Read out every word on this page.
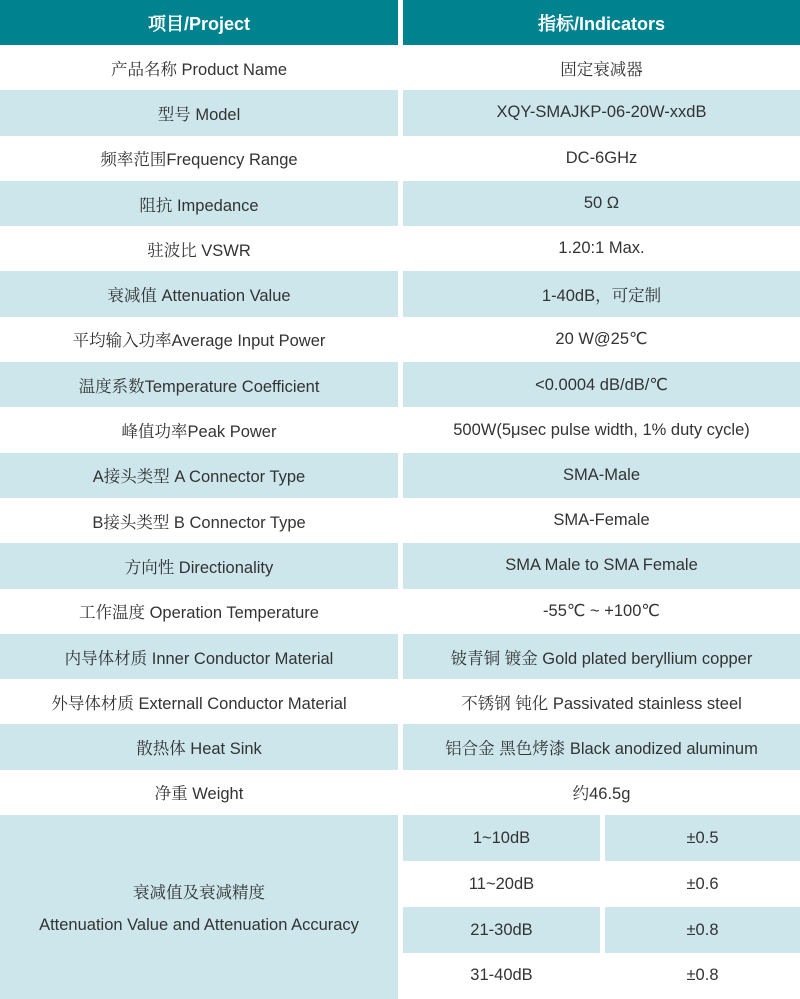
项目/Project	指标/Indicators
产品名称 Product Name	固定衰减器
型号 Model	XQY-SMAJKP-06-20W-xxdB
频率范围Frequency Range	DC-6GHz
阻抗 Impedance	50 Ω
驻波比 VSWR	1.20:1 Max.
衰减值 Attenuation Value	1-40dB，可定制
平均输入功率Average Input Power	20 W@25℃
温度系数Temperature Coefficient	<0.0004 dB/dB/℃
峰值功率Peak Power	500W(5μsec pulse width, 1% duty cycle)
A接头类型 A Connector Type	SMA-Male
B接头类型 B Connector Type	SMA-Female
方向性 Directionality	SMA Male to SMA Female
工作温度 Operation Temperature	-55℃ ~ +100℃
内导体材质 Inner Conductor Material	铍青铜 镀金 Gold plated beryllium copper
外导体材质 Externall Conductor Material	不锈钢 钝化 Passivated stainless steel
散热体 Heat Sink	铝合金 黑色烤漆 Black anodized aluminum
净重 Weight	约46.5g
衰减值及衰减精度
Attenuation Value and Attenuation Accuracy
1~10dB	±0.5
11~20dB	±0.6
21-30dB	±0.8
31-40dB	±0.8
